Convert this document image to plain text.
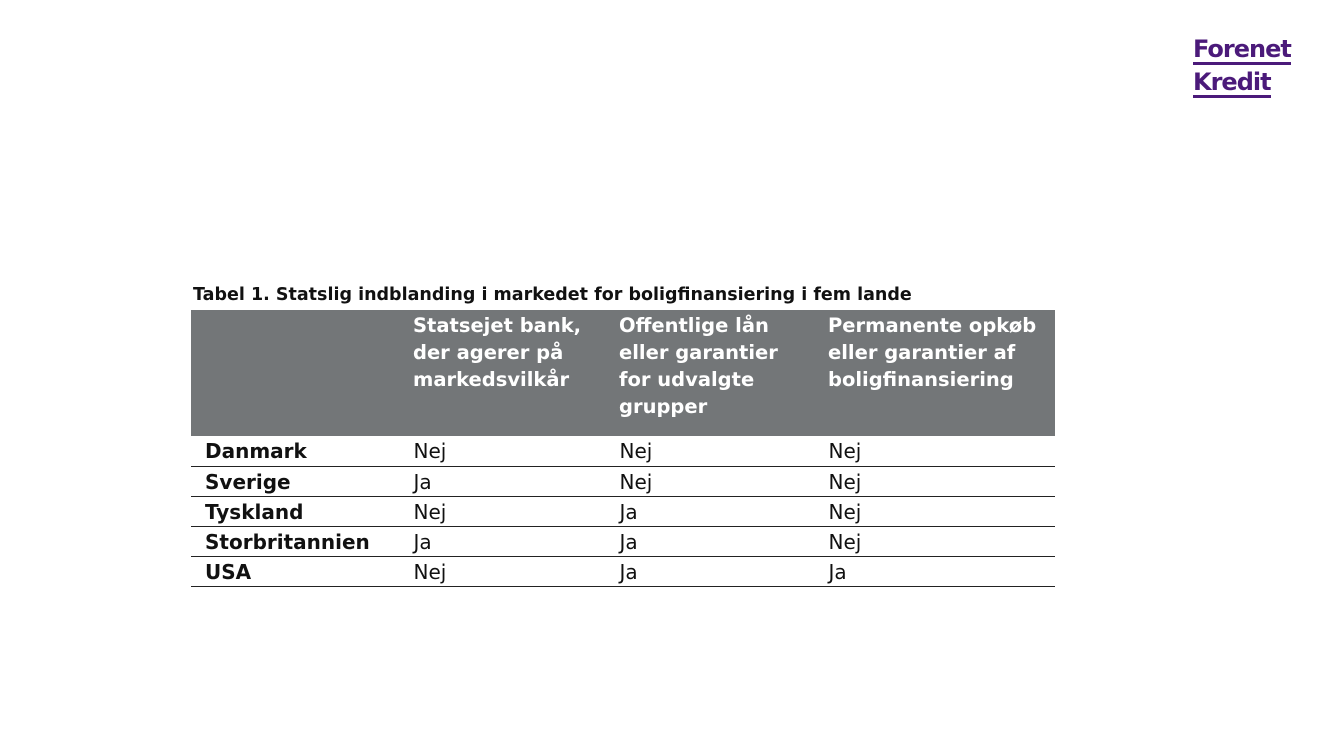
Forenet
Kredit
Tabel 1. Statslig indblanding i markedet for boligfinansiering i fem lande
	Statsejet bank, der agerer på markedsvilkår	Offentlige lån eller garantier for udvalgte grupper	Permanente opkøb eller garantier af boligfinansiering
Danmark	Nej	Nej	Nej
Sverige	Ja	Nej	Nej
Tyskland	Nej	Ja	Nej
Storbritannien	Ja	Ja	Nej
USA	Nej	Ja	Ja
